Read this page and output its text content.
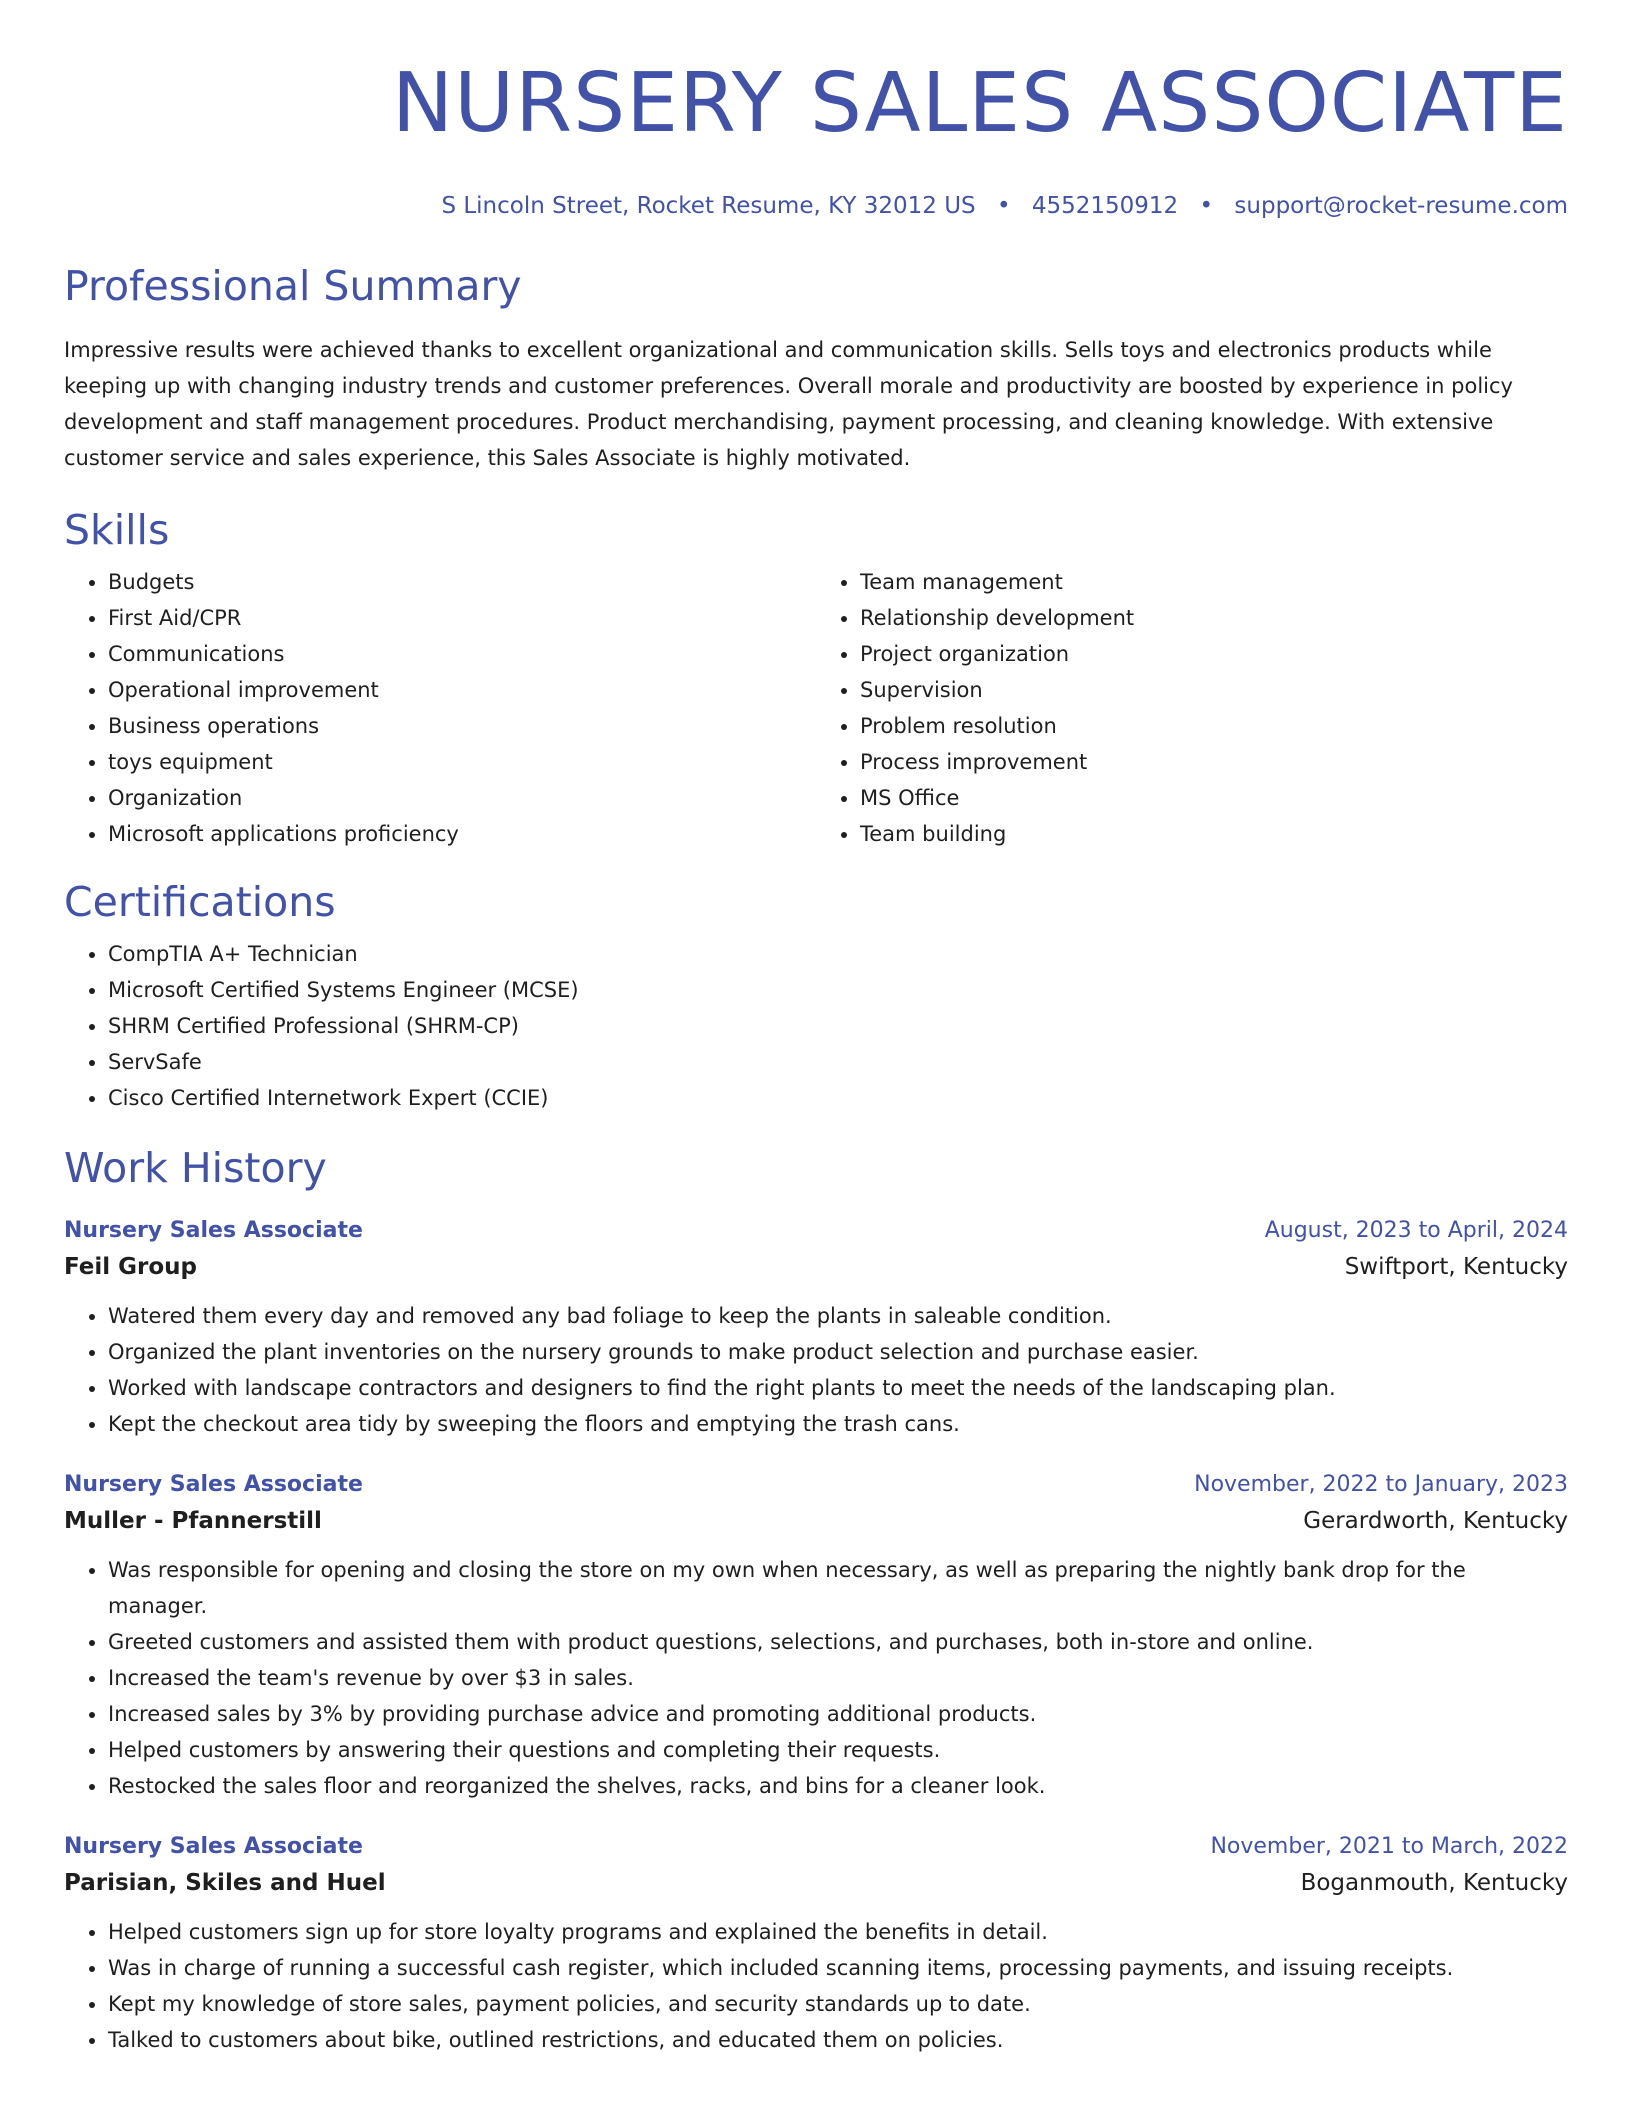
NURSERY SALES ASSOCIATE
S Lincoln Street, Rocket Resume, KY 32012 US • 4552150912 • support@rocket-resume.com
Professional Summary

Impressive results were achieved thanks to excellent organizational and communication skills. Sells toys and electronics products while keeping up with changing industry trends and customer preferences. Overall morale and productivity are boosted by experience in policy development and staff management procedures. Product merchandising, payment processing, and cleaning knowledge. With extensive customer service and sales experience, this Sales Associate is highly motivated.

Skills
• Budgets
• First Aid/CPR
• Communications
• Operational improvement
• Business operations
• toys equipment
• Organization
• Microsoft applications proficiency
• Team management
• Relationship development
• Project organization
• Supervision
• Problem resolution
• Process improvement
• MS Office
• Team building
Certifications
• CompTIA A+ Technician
• Microsoft Certified Systems Engineer (MCSE)
• SHRM Certified Professional (SHRM-CP)
• ServSafe
• Cisco Certified Internetwork Expert (CCIE)
Work History
Nursery Sales Associate	August, 2023 to April, 2024
Feil Group	Swiftport, Kentucky
• Watered them every day and removed any bad foliage to keep the plants in saleable condition.
• Organized the plant inventories on the nursery grounds to make product selection and purchase easier.
• Worked with landscape contractors and designers to find the right plants to meet the needs of the landscaping plan.
• Kept the checkout area tidy by sweeping the floors and emptying the trash cans.
Nursery Sales Associate	November, 2022 to January, 2023
Muller - Pfannerstill	Gerardworth, Kentucky
• Was responsible for opening and closing the store on my own when necessary, as well as preparing the nightly bank drop for the manager.
• Greeted customers and assisted them with product questions, selections, and purchases, both in-store and online.
• Increased the team's revenue by over $3 in sales.
• Increased sales by 3% by providing purchase advice and promoting additional products.
• Helped customers by answering their questions and completing their requests.
• Restocked the sales floor and reorganized the shelves, racks, and bins for a cleaner look.
Nursery Sales Associate	November, 2021 to March, 2022
Parisian, Skiles and Huel	Boganmouth, Kentucky
• Helped customers sign up for store loyalty programs and explained the benefits in detail.
• Was in charge of running a successful cash register, which included scanning items, processing payments, and issuing receipts.
• Kept my knowledge of store sales, payment policies, and security standards up to date.
• Talked to customers about bike, outlined restrictions, and educated them on policies.
